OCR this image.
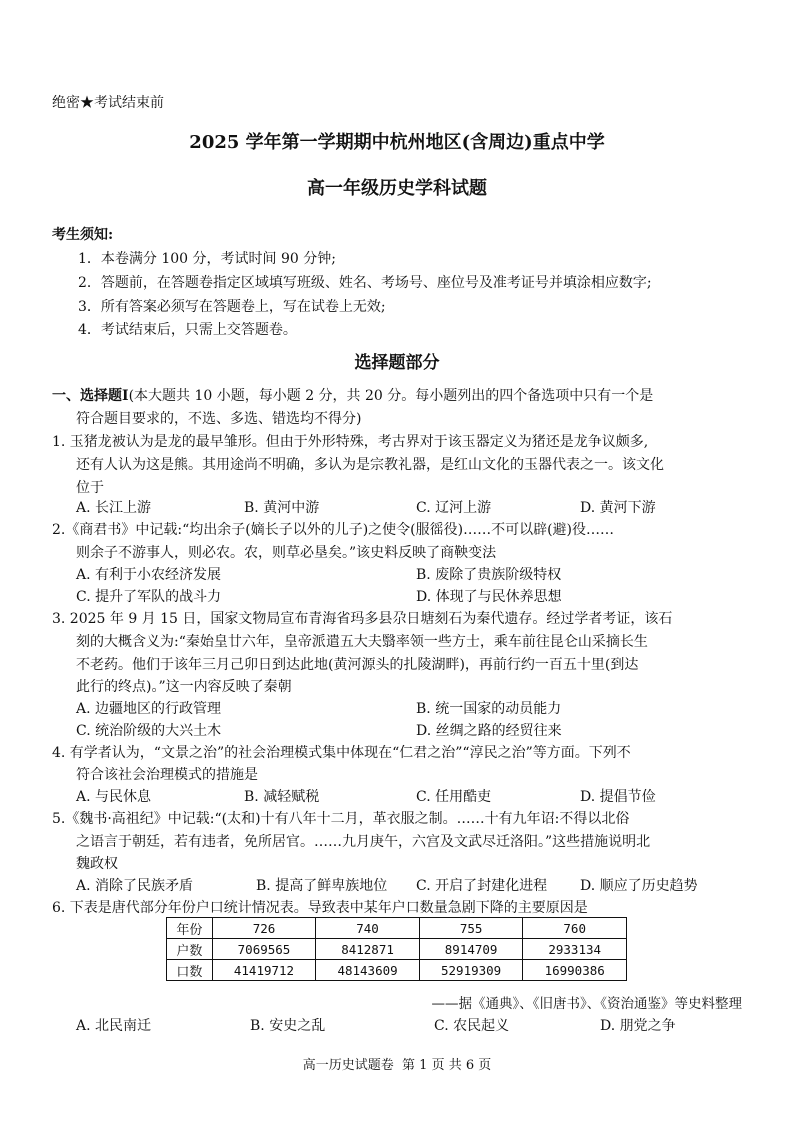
绝密★考试结束前
2025 学年第一学期期中杭州地区(含周边)重点中学
高一年级历史学科试题
考生须知:
1．本卷满分 100 分，考试时间 90 分钟;
2．答题前，在答题卷指定区域填写班级、姓名、考场号、座位号及准考证号并填涂相应数字;
3．所有答案必须写在答题卷上，写在试卷上无效;
4．考试结束后，只需上交答题卷。
选择题部分
一、选择题Ⅰ(本大题共 10 小题，每小题 2 分，共 20 分。每小题列出的四个备选项中只有一个是
符合题目要求的，不选、多选、错选均不得分)
1. 玉猪龙被认为是龙的最早雏形。但由于外形特殊，考古界对于该玉器定义为猪还是龙争议颇多,
还有人认为这是熊。其用途尚不明确，多认为是宗教礼器，是红山文化的玉器代表之一。该文化
位于
A. 长江上游	B. 黄河中游	C. 辽河上游	D. 黄河下游
2.《商君书》中记载:“均出余子(嫡长子以外的儿子)之使令(服徭役)……不可以辟(避)役……
则余子不游事人，则必农。农，则草必垦矣。”该史料反映了商鞅变法
A. 有利于小农经济发展	B. 废除了贵族阶级特权
C. 提升了军队的战斗力	D. 体现了与民休养思想
3. 2025 年 9 月 15 日，国家文物局宣布青海省玛多县尕日塘刻石为秦代遗存。经过学者考证，该石
刻的大概含义为:“秦始皇廿六年，皇帝派遣五大夫翳率领一些方士，乘车前往昆仑山采摘长生
不老药。他们于该年三月己卯日到达此地(黄河源头的扎陵湖畔)，再前行约一百五十里(到达
此行的终点)。”这一内容反映了秦朝
A. 边疆地区的行政管理	B. 统一国家的动员能力
C. 统治阶级的大兴土木	D. 丝绸之路的经贸往来
4. 有学者认为，“文景之治”的社会治理模式集中体现在“仁君之治”“淳民之治”等方面。下列不
符合该社会治理模式的措施是
A. 与民休息	B. 减轻赋税	C. 任用酷吏	D. 提倡节俭
5.《魏书·高祖纪》中记载:“(太和)十有八年十二月，革衣服之制。……十有九年诏:不得以北俗
之语言于朝廷，若有违者，免所居官。……九月庚午，六宫及文武尽迁洛阳。”这些措施说明北
魏政权
A. 消除了民族矛盾	B. 提高了鲜卑族地位 C. 开启了封建化进程 D. 顺应了历史趋势
6. 下表是唐代部分年份户口统计情况表。导致表中某年户口数量急剧下降的主要原因是
年份	726	740	755	760
户数	7069565	8412871	8914709	2933134
口数	41419712	48143609	52919309	16990386
——据《通典》、《旧唐书》、《资治通鉴》等史料整理
A. 北民南迁	B. 安史之乱	C. 农民起义	D. 朋党之争
高一历史试题卷  第 1 页 共 6 页
